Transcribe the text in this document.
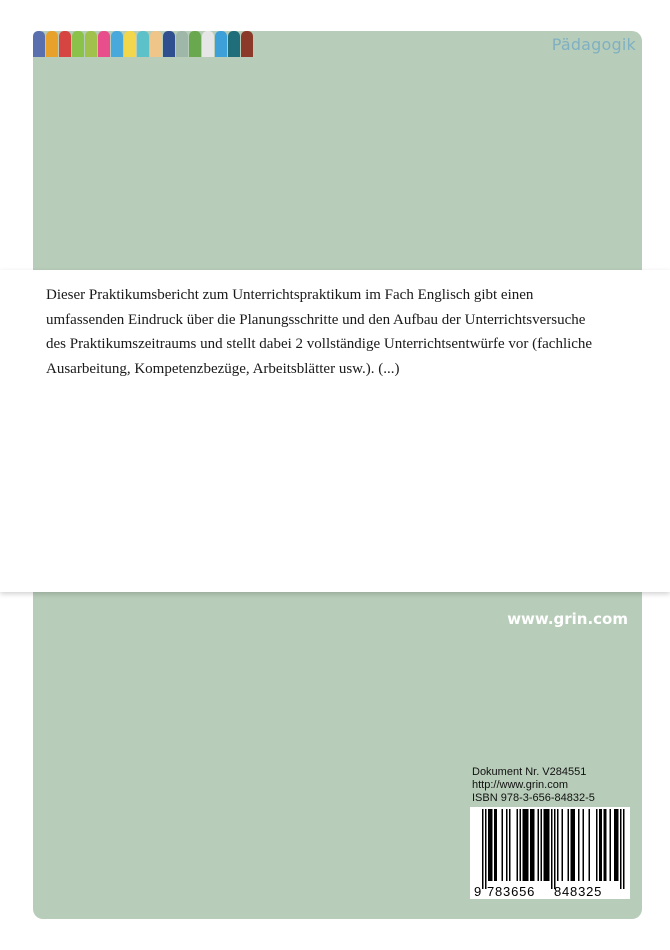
Pädagogik

Dieser Praktikumsbericht zum Unterrichtspraktikum im Fach Englisch gibt einen
umfassenden Eindruck über die Planungsschritte und den Aufbau der Unterrichtsversuche
des Praktikumszeitraums und stellt dabei 2 vollständige Unterrichtsentwürfe vor (fachliche
Ausarbeitung, Kompetenzbezüge, Arbeitsblätter usw.). (...)

www.grin.com
Dokument Nr. V284551
http://www.grin.com
ISBN 978-3-656-84832-5
9 783656 848325
